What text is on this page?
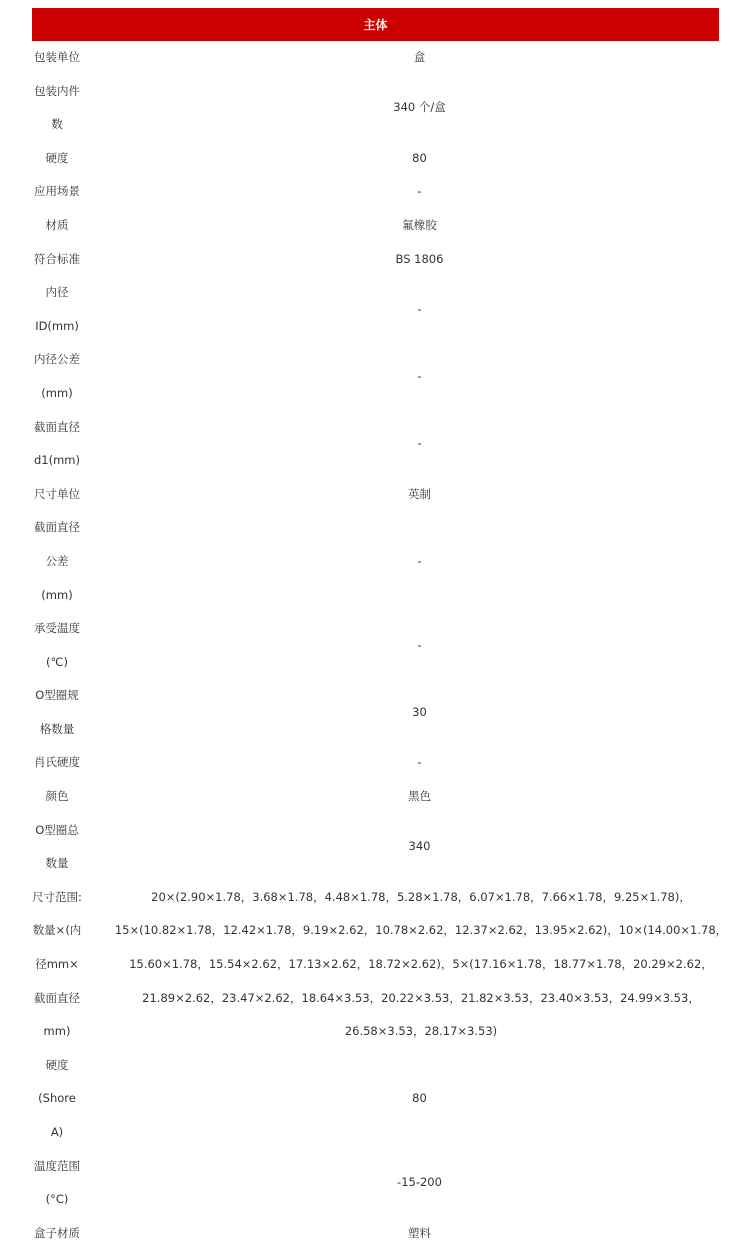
主体
包装单位	盒
包装内件数	340 个/盒
硬度	80
应用场景	-
材质	氟橡胶
符合标准	BS 1806
内径ID(mm)	-
内径公差(mm)	-
截面直径d1(mm)	-
尺寸单位	英制
截面直径公差(mm)	-
承受温度(℃)	-
O型圈规格数量	30
肖氏硬度	-
颜色	黑色
O型圈总数量	340
尺寸范围:数量×(内径mm×截面直径mm)	20×(2.90×1.78，3.68×1.78，4.48×1.78，5.28×1.78，6.07×1.78，7.66×1.78，9.25×1.78)，15×(10.82×1.78，12.42×1.78，9.19×2.62，10.78×2.62，12.37×2.62，13.95×2.62)，10×(14.00×1.78，15.60×1.78，15.54×2.62，17.13×2.62，18.72×2.62)，5×(17.16×1.78，18.77×1.78，20.29×2.62，21.89×2.62，23.47×2.62，18.64×3.53，20.22×3.53，21.82×3.53，23.40×3.53，24.99×3.53，26.58×3.53，28.17×3.53)

硬度(Shore A)	80
温度范围(°C)	-15-200
盒子材质	塑料
